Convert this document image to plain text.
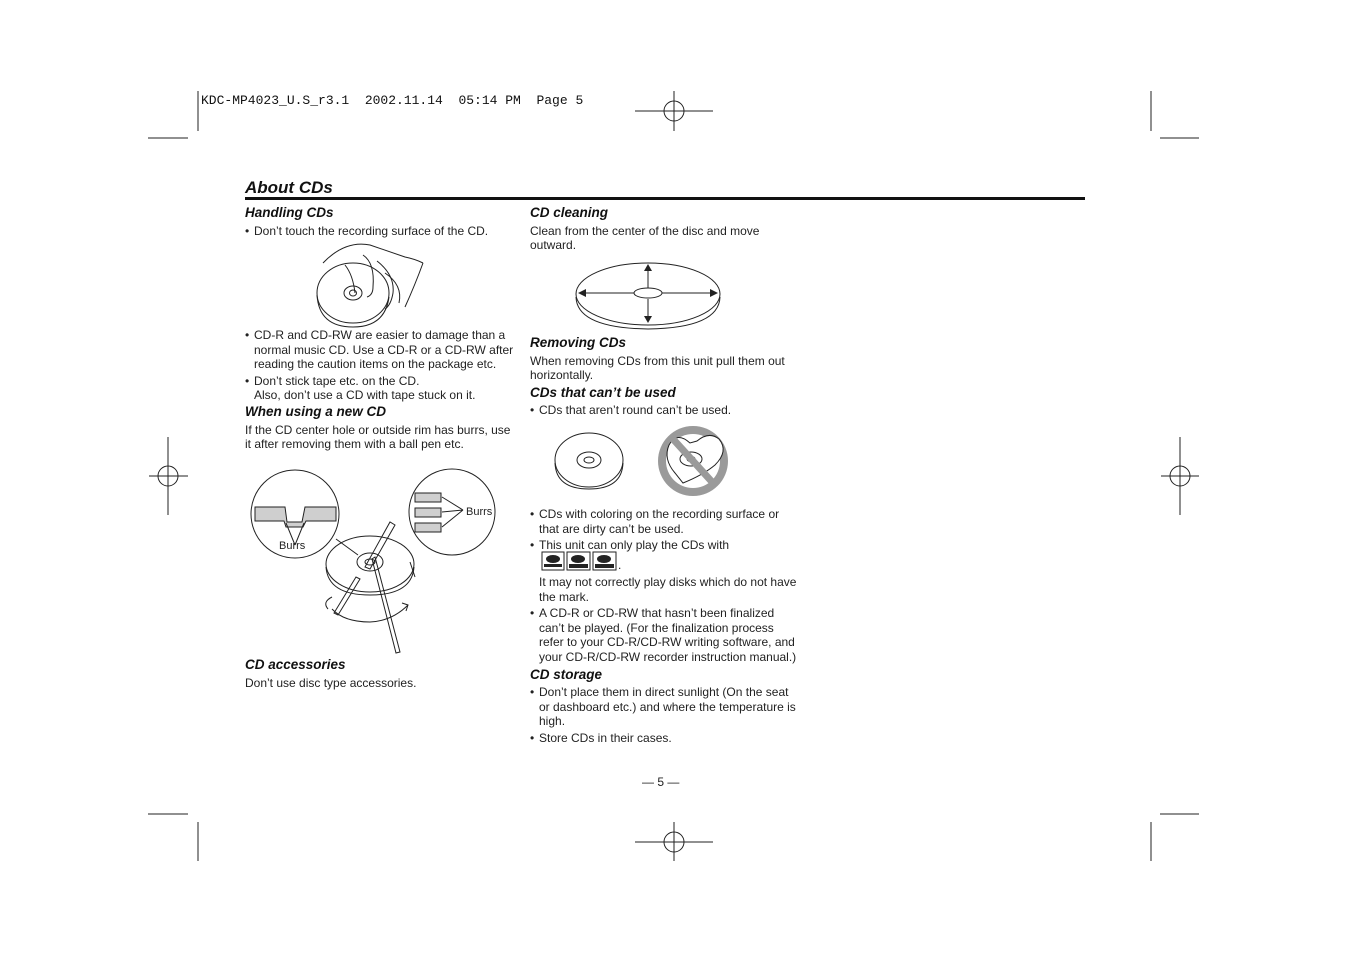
KDC-MP4023_U.S_r3.1  2002.11.14  05:14 PM  Page 5
About CDs

Handling CDs

• Don’t touch the recording surface of the CD.

• CD-R and CD-RW are easier to damage than a normal music CD. Use a CD-R or a CD-RW after reading the caution items on the package etc.

• Don’t stick tape etc. on the CD.

Also, don’t use a CD with tape stuck on it.

When using a new CD

If the CD center hole or outside rim has burrs, use it after removing them with a ball pen etc.

Burrs
Burrs

CD accessories

Don’t use disc type accessories.

CD cleaning

Clean from the center of the disc and move outward.

Removing CDs

When removing CDs from this unit pull them out horizontally.

CDs that can’t be used

• CDs that aren’t round can’t be used.

• CDs with coloring on the recording surface or that are dirty can’t be used.

• This unit can only play the CDs with

.

It may not correctly play disks which do not have the mark.

• A CD-R or CD-RW that hasn’t been finalized can’t be played. (For the finalization process refer to your CD-R/CD-RW writing software, and your CD-R/CD-RW recorder instruction manual.)

CD storage

• Don’t place them in direct sunlight (On the seat or dashboard etc.) and where the temperature is high.

• Store CDs in their cases.

— 5 —
